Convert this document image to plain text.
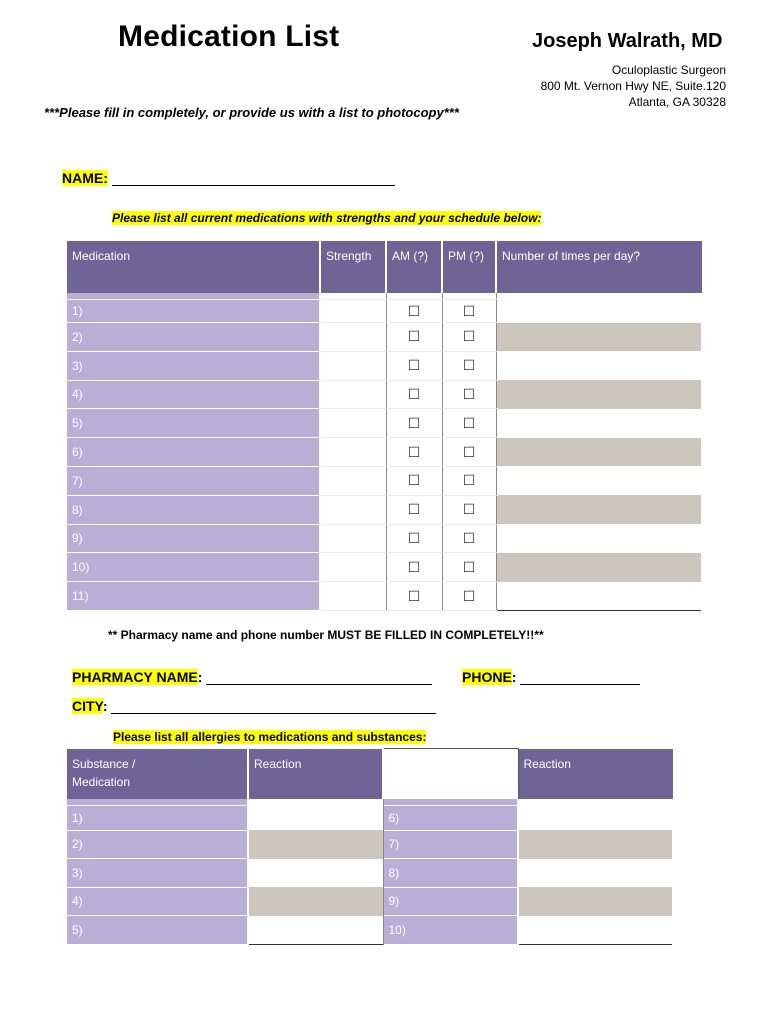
Medication List	Joseph Walrath, MD
Oculoplastic Surgeon
800 Mt. Vernon Hwy NE, Suite.120
Atlanta, GA 30328
***Please fill in completely, or provide us with a list to photocopy***
NAME:
Please list all current medications with strengths and your schedule below:
Medication	Strength	AM (?)	PM (?)	Number of times per day?

1)		☐	☐	
2)		☐	☐	
3)		☐	☐	
4)		☐	☐	
5)		☐	☐	
6)		☐	☐	
7)		☐	☐	
8)		☐	☐	
9)		☐	☐	
10)		☐	☐	
11)		☐	☐	
** Pharmacy name and phone number MUST BE FILLED IN COMPLETELY!!**
PHARMACY NAME:	PHONE:
CITY:
Please list all allergies to medications and substances:
Substance /
Medication	Reaction		Reaction

1)		6)	
2)		7)	
3)		8)	
4)		9)	
5)		10)	
